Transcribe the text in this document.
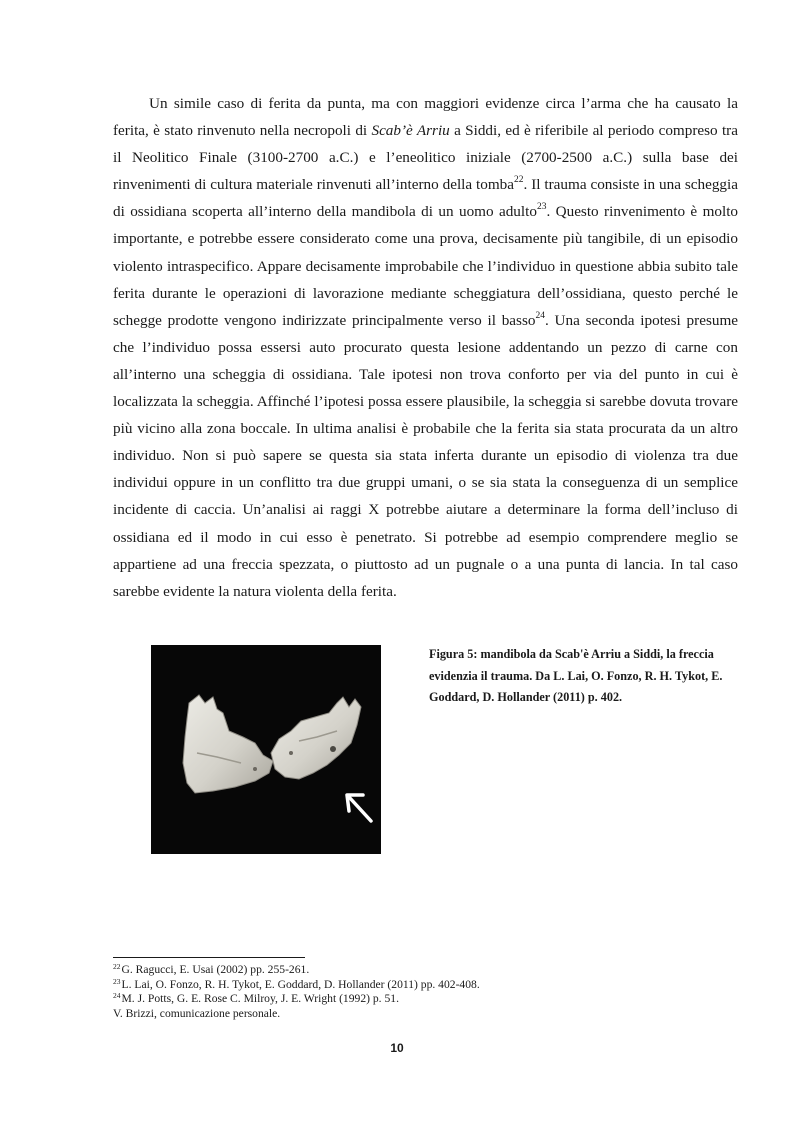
Un simile caso di ferita da punta, ma con maggiori evidenze circa l’arma che ha causato la ferita, è stato rinvenuto nella necropoli di Scab’è Arriu a Siddi, ed è riferibile al periodo compreso tra il Neolitico Finale (3100-2700 a.C.) e l’eneolitico iniziale (2700-2500 a.C.) sulla base dei rinvenimenti di cultura materiale rinvenuti all’interno della tomba$^{22}$. Il trauma consiste in una scheggia di ossidiana scoperta all’interno della mandibola di un uomo adulto$^{23}$. Questo rinvenimento è molto importante, e potrebbe essere considerato come una prova, decisamente più tangibile, di un episodio violento intraspecifico. Appare decisamente improbabile che l’individuo in questione abbia subito tale ferita durante le operazioni di lavorazione mediante scheggiatura dell’ossidiana, questo perché le schegge prodotte vengono indirizzate principalmente verso il basso$^{24}$. Una seconda ipotesi presume che l’individuo possa essersi auto procurato questa lesione addentando un pezzo di carne con all’interno una scheggia di ossidiana. Tale ipotesi non trova conforto per via del punto in cui è localizzata la scheggia. Affinché l’ipotesi possa essere plausibile, la scheggia si sarebbe dovuta trovare più vicino alla zona boccale. In ultima analisi è probabile che la ferita sia stata procurata da un altro individuo. Non si può sapere se questa sia stata inferta durante un episodio di violenza tra due individui oppure in un conflitto tra due gruppi umani, o se sia stata la conseguenza di un semplice incidente di caccia. Un’analisi ai raggi X potrebbe aiutare a determinare la forma dell’incluso di ossidiana ed il modo in cui esso è penetrato. Si potrebbe ad esempio comprendere meglio se appartiene ad una freccia spezzata, o piuttosto ad un pugnale o a una punta di lancia. In tal caso sarebbe evidente la natura violenta della ferita.

Figura 5: mandibola da Scab'è Arriu a Siddi, la freccia evidenzia il trauma. Da L. Lai, O. Fonzo, R. H. Tykot, E. Goddard, D. Hollander (2011) p. 402.

$^{22}$G. Ragucci, E. Usai (2002) pp. 255-261.

$^{23}$L. Lai, O. Fonzo, R. H. Tykot, E. Goddard, D. Hollander (2011) pp. 402-408.

$^{24}$M. J. Potts, G. E. Rose C. Milroy, J. E. Wright (1992) p. 51.

V. Brizzi, comunicazione personale.

10
